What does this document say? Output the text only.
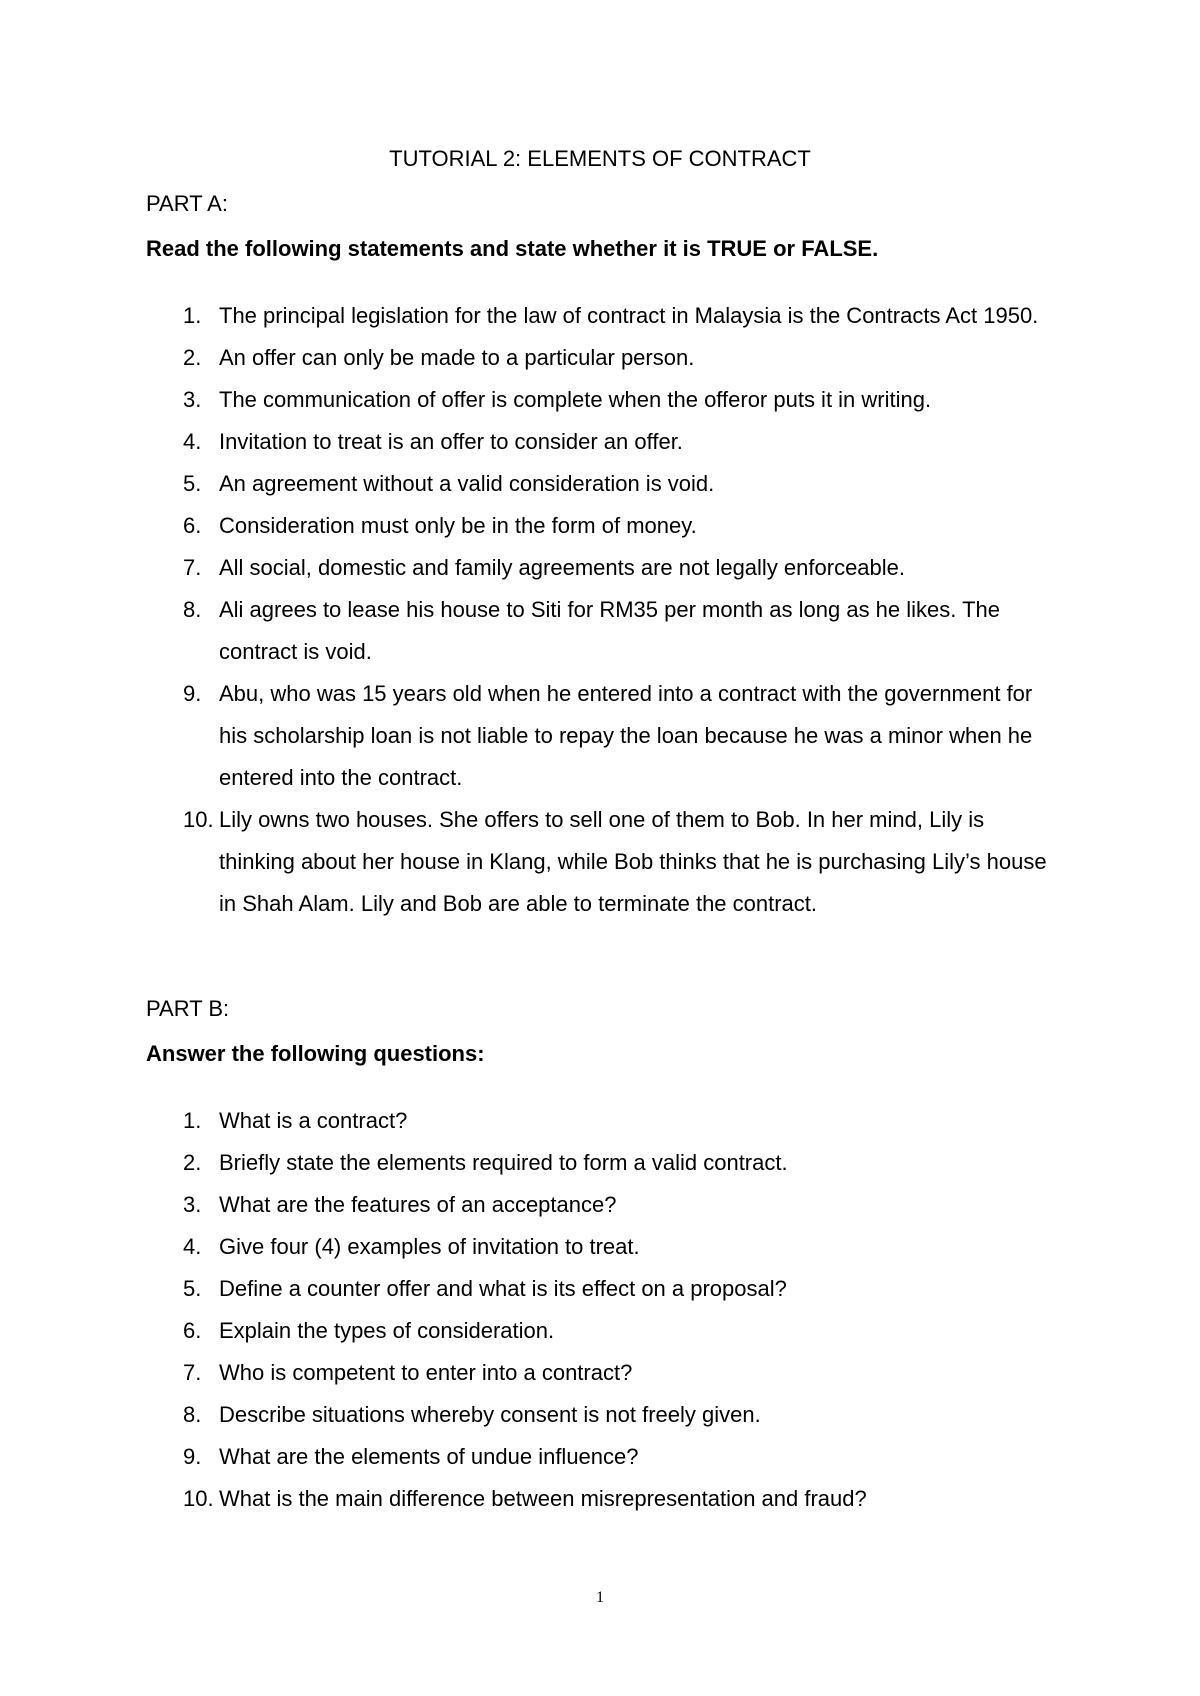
TUTORIAL 2: ELEMENTS OF CONTRACT
PART A:

Read the following statements and state whether it is TRUE or FALSE.

1. The principal legislation for the law of contract in Malaysia is the Contracts Act 1950.
2. An offer can only be made to a particular person.
3. The communication of offer is complete when the offeror puts it in writing.
4. Invitation to treat is an offer to consider an offer.
5. An agreement without a valid consideration is void.
6. Consideration must only be in the form of money.
7. All social, domestic and family agreements are not legally enforceable.
8. Ali agrees to lease his house to Siti for RM35 per month as long as he likes. The contract is void.
9. Abu, who was 15 years old when he entered into a contract with the government for his scholarship loan is not liable to repay the loan because he was a minor when he entered into the contract.
10. Lily owns two houses. She offers to sell one of them to Bob. In her mind, Lily is thinking about her house in Klang, while Bob thinks that he is purchasing Lily’s house in Shah Alam. Lily and Bob are able to terminate the contract.
PART B:

Answer the following questions:

1. What is a contract?
2. Briefly state the elements required to form a valid contract.
3. What are the features of an acceptance?
4. Give four (4) examples of invitation to treat.
5. Define a counter offer and what is its effect on a proposal?
6. Explain the types of consideration.
7. Who is competent to enter into a contract?
8. Describe situations whereby consent is not freely given.
9. What are the elements of undue influence?
10. What is the main difference between misrepresentation and fraud?
1
